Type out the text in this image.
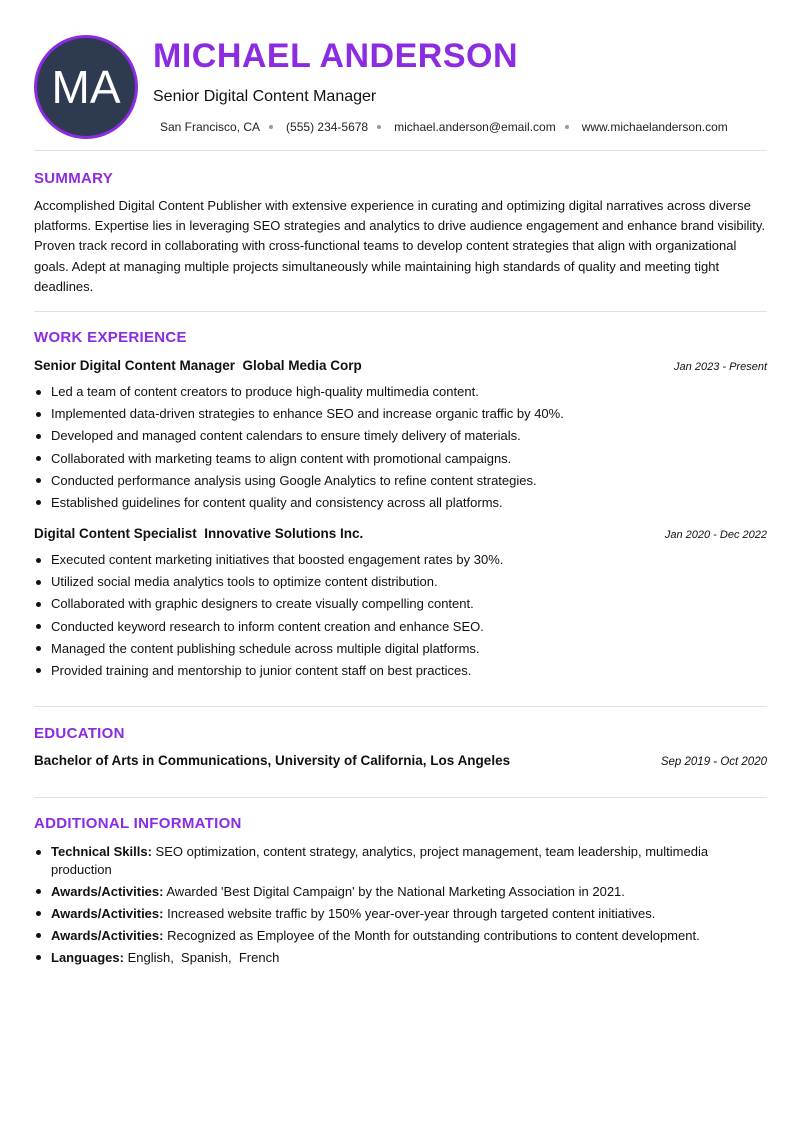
MA
MICHAEL ANDERSON
Senior Digital Content Manager
San Francisco, CA (555) 234-5678 michael.anderson@email.com www.michaelanderson.com
SUMMARY
Accomplished Digital Content Publisher with extensive experience in curating and optimizing digital narratives across diverse platforms. Expertise lies in leveraging SEO strategies and analytics to drive audience engagement and enhance brand visibility. Proven track record in collaborating with cross-functional teams to develop content strategies that align with organizational goals. Adept at managing multiple projects simultaneously while maintaining high standards of quality and meeting tight deadlines.
WORK EXPERIENCE
Senior Digital Content Manager  Global Media Corp	Jan 2023 - Present
Led a team of content creators to produce high-quality multimedia content.
Implemented data-driven strategies to enhance SEO and increase organic traffic by 40%.
Developed and managed content calendars to ensure timely delivery of materials.
Collaborated with marketing teams to align content with promotional campaigns.
Conducted performance analysis using Google Analytics to refine content strategies.
Established guidelines for content quality and consistency across all platforms.
Digital Content Specialist  Innovative Solutions Inc.	Jan 2020 - Dec 2022
Executed content marketing initiatives that boosted engagement rates by 30%.
Utilized social media analytics tools to optimize content distribution.
Collaborated with graphic designers to create visually compelling content.
Conducted keyword research to inform content creation and enhance SEO.
Managed the content publishing schedule across multiple digital platforms.
Provided training and mentorship to junior content staff on best practices.
EDUCATION
Bachelor of Arts in Communications, University of California, Los Angeles	Sep 2019 - Oct 2020
ADDITIONAL INFORMATION
Technical Skills: SEO optimization, content strategy, analytics, project management, team leadership, multimedia production
Awards/Activities: Awarded 'Best Digital Campaign' by the National Marketing Association in 2021.
Awards/Activities: Increased website traffic by 150% year-over-year through targeted content initiatives.
Awards/Activities: Recognized as Employee of the Month for outstanding contributions to content development.
Languages: English,  Spanish,  French
